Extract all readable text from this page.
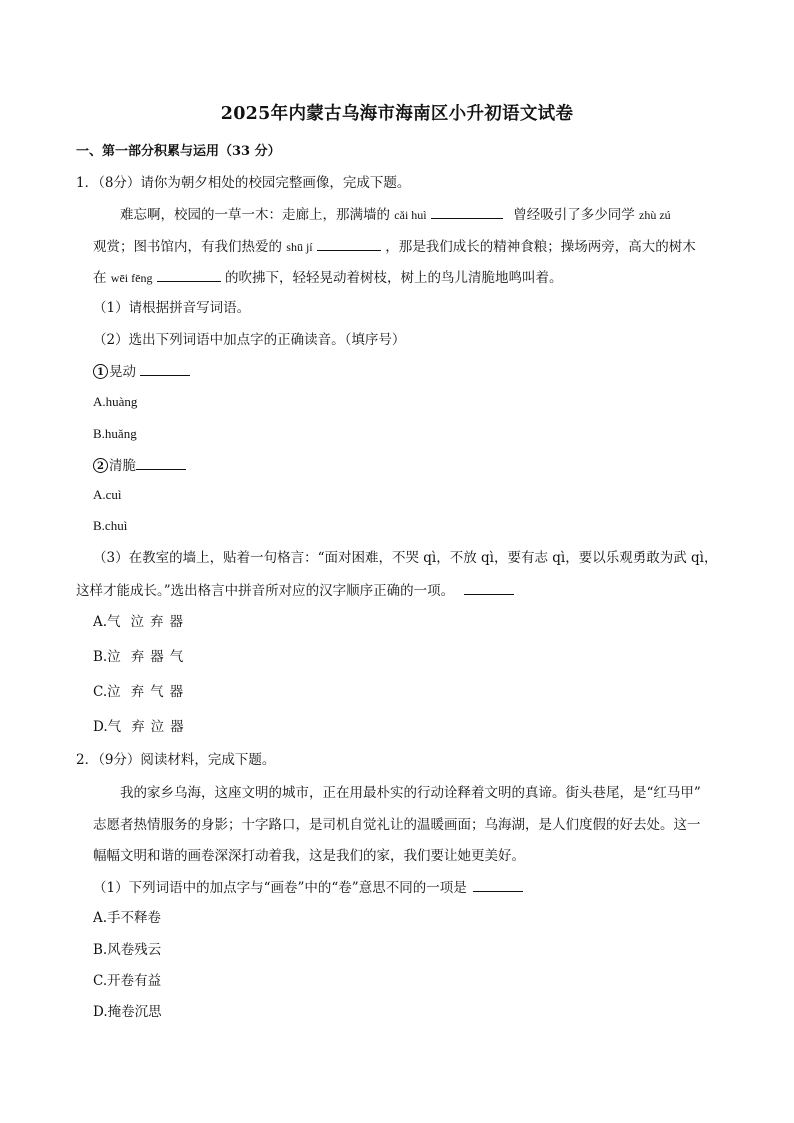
2025年内蒙古乌海市海南区小升初语文试卷
一、第一部分积累与运用（33 分）
1．（8分）请你为朝夕相处的校园完整画像，完成下题。
难忘啊，校园的一草一木：走廊上，那满墙的 cǎi huì	曾经吸引了多少同学 zhù zú
观赏；图书馆内，有我们热爱的 shū jí	，那是我们成长的精神食粮；操场两旁，高大的树木
在 wēi fēng	的吹拂下，轻轻晃动着树枝，树上的鸟儿清脆地鸣叫着。
（1）请根据拼音写词语。
（2）选出下列词语中加点字的正确读音。（填序号）
1 晃动
A.huàng
B.huǎng
2 清脆
A.cuì
B.chuì
（3）在教室的墙上，贴着一句格言：“面对困难，不哭 qì，不放 qì，要有志 qì，要以乐观勇敢为武 qì，
这样才能成长。”选出格言中拼音所对应的汉字顺序正确的一项。
A.气 泣 弃 器
B.泣 弃 器 气
C.泣 弃 气 器
D.气 弃 泣 器
2．（9分）阅读材料，完成下题。
我的家乡乌海，这座文明的城市，正在用最朴实的行动诠释着文明的真谛。街头巷尾，是“红马甲”
志愿者热情服务的身影；十字路口，是司机自觉礼让的温暖画面；乌海湖，是人们度假的好去处。这一
幅幅文明和谐的画卷深深打动着我，这是我们的家，我们要让她更美好。
（1）下列词语中的加点字与“画卷”中的“卷”意思不同的一项是
A.手不释卷
B.风卷残云
C.开卷有益
D.掩卷沉思
